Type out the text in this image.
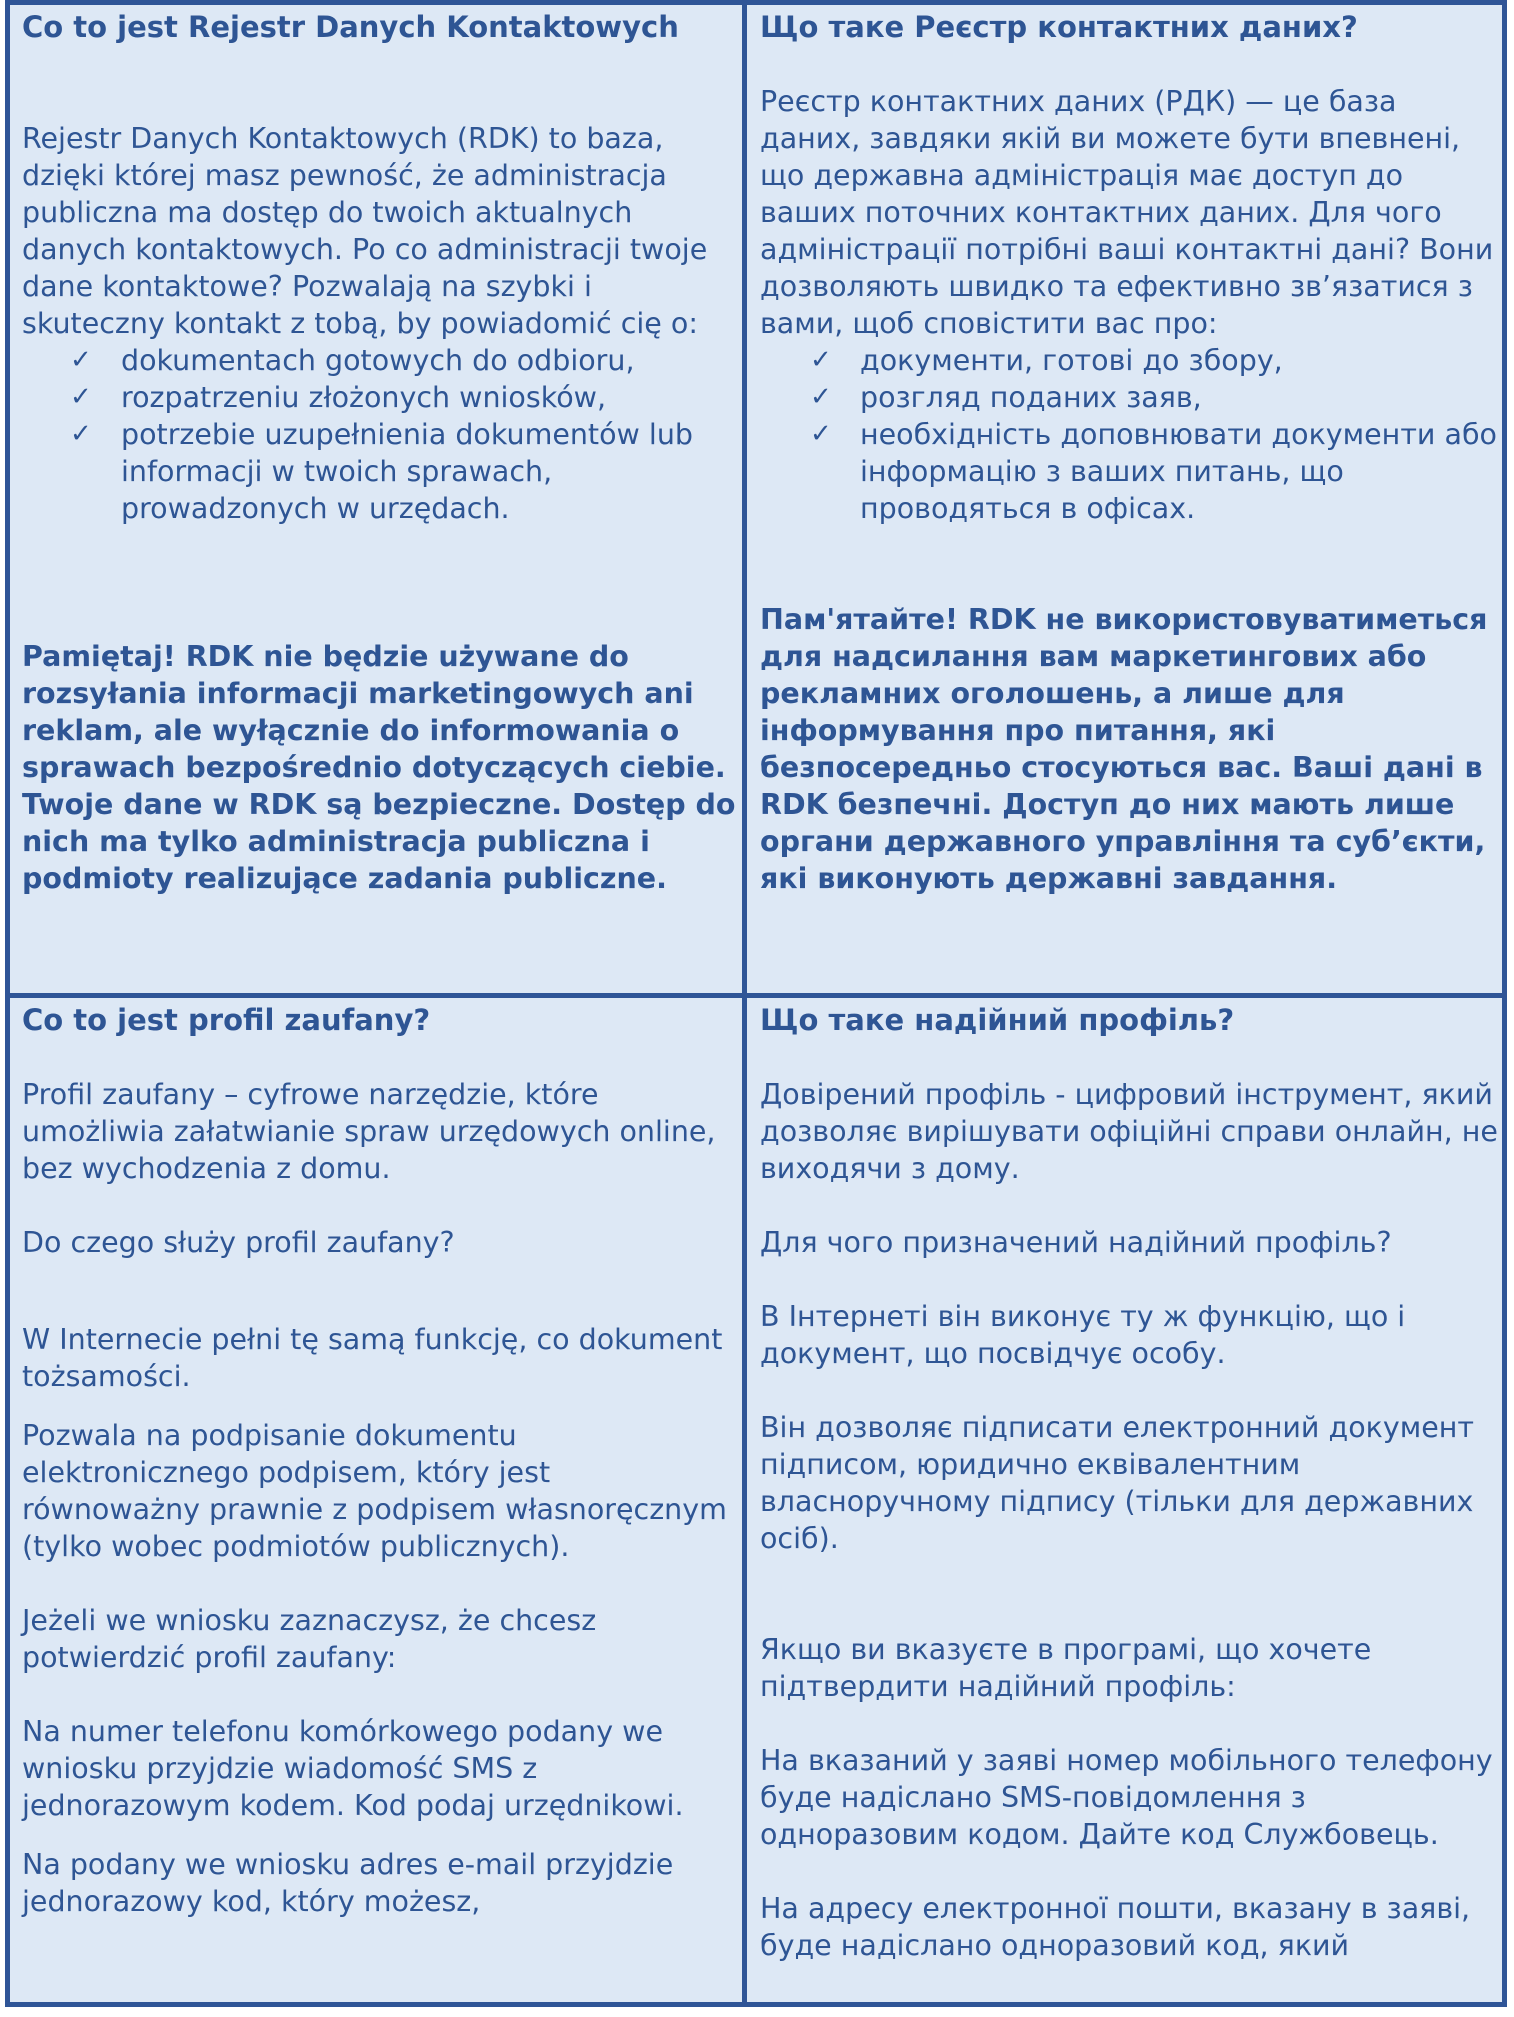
Co to jest Rejestr Danych Kontaktowych

Rejestr Danych Kontaktowych (RDK) to baza, dzięki której masz pewność, że administracja publiczna ma dostęp do twoich aktualnych danych kontaktowych. Po co administracji twoje dane kontaktowe? Pozwalają na szybki i skuteczny kontakt z tobą, by powiadomić cię o:

✓ dokumentach gotowych do odbioru,
✓ rozpatrzeniu złożonych wniosków,
✓ potrzebie uzupełnienia dokumentów lub informacji w twoich sprawach, prowadzonych w urzędach.

Pamiętaj! RDK nie będzie używane do rozsyłania informacji marketingowych ani reklam, ale wyłącznie do informowania o sprawach bezpośrednio dotyczących ciebie. Twoje dane w RDK są bezpieczne. Dostęp do nich ma tylko administracja publiczna i podmioty realizujące zadania publiczne.

Що таке Реєстр контактних даних?

Реєстр контактних даних (РДК) — це база даних, завдяки якій ви можете бути впевнені, що державна адміністрація має доступ до ваших поточних контактних даних. Для чого адміністрації потрібні ваші контактні дані? Вони дозволяють швидко та ефективно зв’язатися з вами, щоб сповістити вас про:

✓ документи, готові до збору,
✓ розгляд поданих заяв,
✓ необхідність доповнювати документи або інформацію з ваших питань, що проводяться в офісах.

Пам'ятайте! RDK не використовуватиметься для надсилання вам маркетингових або рекламних оголошень, а лише для інформування про питання, які безпосередньо стосуються вас. Ваші дані в RDK безпечні. Доступ до них мають лише органи державного управління та суб’єкти, які виконують державні завдання.

Co to jest profil zaufany?

Profil zaufany – cyfrowe narzędzie, które umożliwia załatwianie spraw urzędowych online, bez wychodzenia z domu.

Do czego służy profil zaufany?

W Internecie pełni tę samą funkcję, co dokument tożsamości.

Pozwala na podpisanie dokumentu elektronicznego podpisem, który jest równoważny prawnie z podpisem własnoręcznym (tylko wobec podmiotów publicznych).

Jeżeli we wniosku zaznaczysz, że chcesz potwierdzić profil zaufany:

Na numer telefonu komórkowego podany we wniosku przyjdzie wiadomość SMS z jednorazowym kodem. Kod podaj urzędnikowi.

Na podany we wniosku adres e-mail przyjdzie jednorazowy kod, który możesz,

Що таке надійний профіль?

Довірений профіль - цифровий інструмент, який дозволяє вирішувати офіційні справи онлайн, не виходячи з дому.

Для чого призначений надійний профіль?

В Інтернеті він виконує ту ж функцію, що і документ, що посвідчує особу.

Він дозволяє підписати електронний документ підписом, юридично еквівалентним власноручному підпису (тільки для державних осіб).

Якщо ви вказуєте в програмі, що хочете підтвердити надійний профіль:

На вказаний у заяві номер мобільного телефону буде надіслано SMS-повідомлення з одноразовим кодом. Дайте код Службовець.

На адресу електронної пошти, вказану в заяві, буде надіслано одноразовий код, який
